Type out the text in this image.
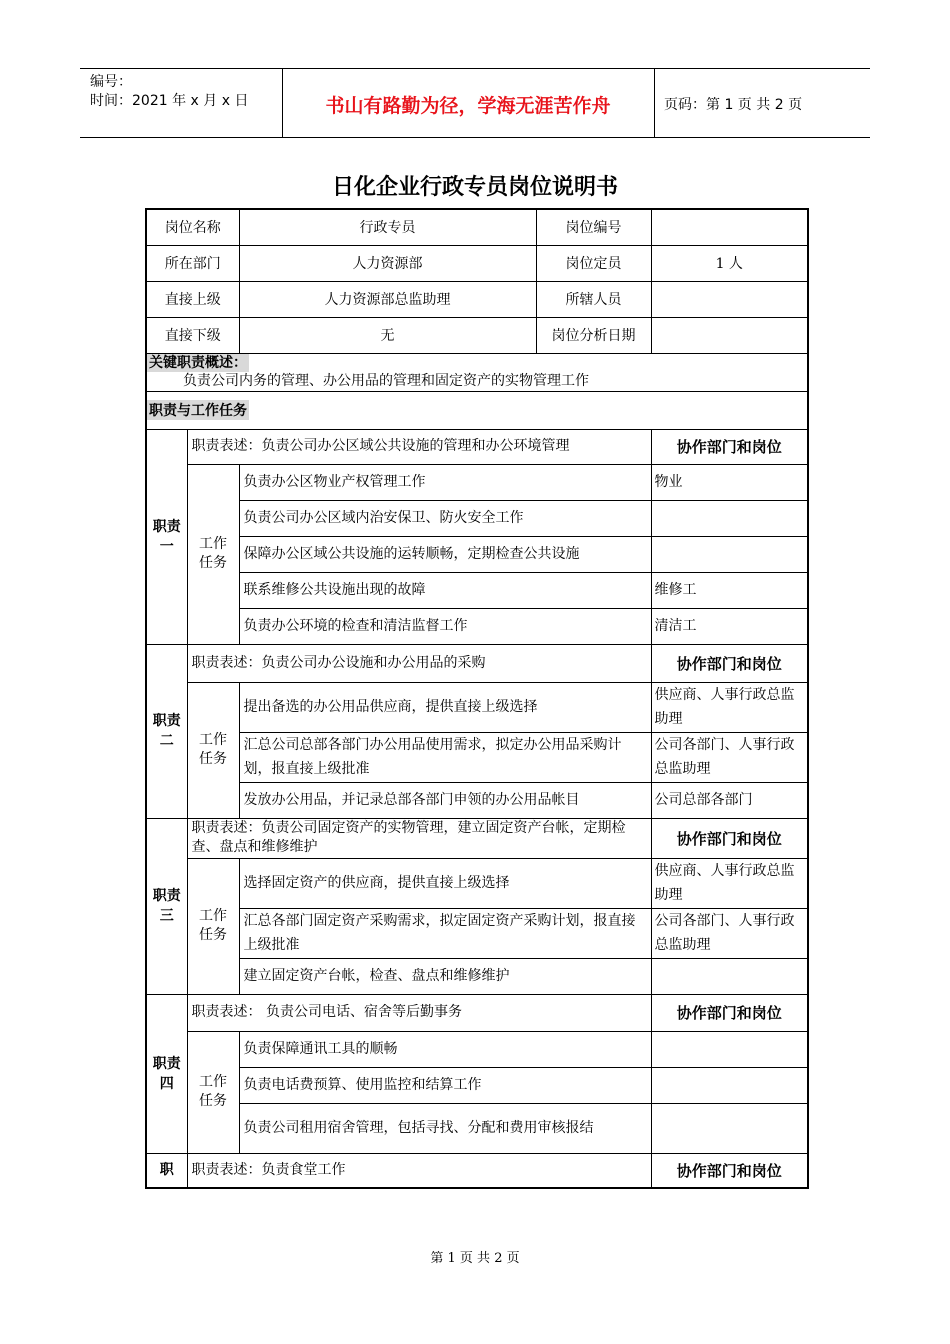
编号：
时间：2021 年 x 月 x 日	书山有路勤为径，学海无涯苦作舟	页码：第 1 页 共 2 页
日化企业行政专员岗位说明书
岗位名称		行政专员	岗位编号	
所在部门		人力资源部	岗位定员	1 人
直接上级		人力资源部总监助理	所辖人员	
直接下级		无	岗位分析日期	
关键职责概述：
负责公司内务的管理、办公用品的管理和固定资产的实物管理工作				

职责与工作任务				
职责一	职责表述：负责公司办公区域公共设施的管理和办公环境管理			协作部门和岗位

	工作任务	负责办公区物业产权管理工作		物业
		负责公司办公区域内治安保卫、防火安全工作		
		保障办公区域公共设施的运转顺畅，定期检查公共设施		
		联系维修公共设施出现的故障		维修工
		负责办公环境的检查和清洁监督工作		清洁工
职责二	职责表述：负责公司办公设施和办公用品的采购			协作部门和岗位

	工作任务	提出备选的办公用品供应商，提供直接上级选择		供应商、人事行政总监助理
		汇总公司总部各部门办公用品使用需求，拟定办公用品采购计划，报直接上级批准		公司各部门、人事行政总监助理
		发放办公用品，并记录总部各部门申领的办公用品帐目		公司总部各部门
职责三	职责表述：负责公司固定资产的实物管理，建立固定资产台帐，定期检查、盘点和维修维护			协作部门和岗位

	工作任务	选择固定资产的供应商，提供直接上级选择		供应商、人事行政总监助理
		汇总各部门固定资产采购需求，拟定固定资产采购计划，报直接上级批准		公司各部门、人事行政总监助理
		建立固定资产台帐，检查、盘点和维修维护		
职责四	职责表述： 负责公司电话、宿舍等后勤事务			协作部门和岗位

	工作任务	负责保障通讯工具的顺畅		
		负责电话费预算、使用监控和结算工作		
		负责公司租用宿舍管理，包括寻找、分配和费用审核报结		
职	职责表述：负责食堂工作			协作部门和岗位
第 1 页 共 2 页
